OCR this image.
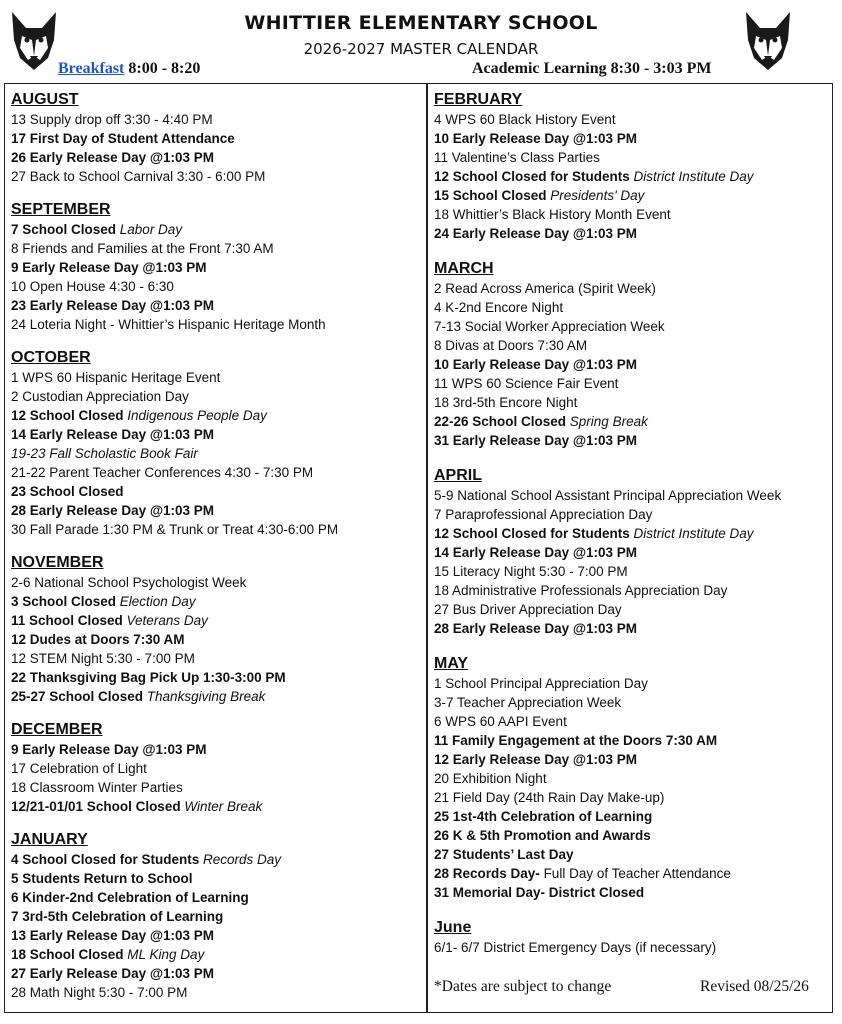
WHITTIER ELEMENTARY SCHOOL
2026-2027 MASTER CALENDAR
Breakfast 8:00 - 8:20	Academic Learning 8:30 - 3:03 PM
AUGUST
13 Supply drop off 3:30 - 4:40 PM
17 First Day of Student Attendance
26 Early Release Day @1:03 PM
27 Back to School Carnival 3:30 - 6:00 PM
SEPTEMBER
7 School Closed Labor Day
8 Friends and Families at the Front 7:30 AM
9 Early Release Day @1:03 PM
10 Open House 4:30 - 6:30
23 Early Release Day @1:03 PM
24 Loteria Night - Whittier’s Hispanic Heritage Month
OCTOBER
1 WPS 60 Hispanic Heritage Event
2 Custodian Appreciation Day
12 School Closed Indigenous People Day
14 Early Release Day @1:03 PM
19-23 Fall Scholastic Book Fair
21-22 Parent Teacher Conferences 4:30 - 7:30 PM
23 School Closed
28 Early Release Day @1:03 PM
30 Fall Parade 1:30 PM & Trunk or Treat 4:30-6:00 PM
NOVEMBER
2-6 National School Psychologist Week
3 School Closed Election Day
11 School Closed Veterans Day
12 Dudes at Doors 7:30 AM
12 STEM Night 5:30 - 7:00 PM
22 Thanksgiving Bag Pick Up 1:30-3:00 PM
25-27 School Closed Thanksgiving Break
DECEMBER
9 Early Release Day @1:03 PM
17 Celebration of Light
18 Classroom Winter Parties
12/21-01/01 School Closed Winter Break
JANUARY
4 School Closed for Students Records Day
5 Students Return to School
6 Kinder-2nd Celebration of Learning
7 3rd-5th Celebration of Learning
13 Early Release Day @1:03 PM
18 School Closed ML King Day
27 Early Release Day @1:03 PM
28 Math Night 5:30 - 7:00 PM
FEBRUARY
4 WPS 60 Black History Event
10 Early Release Day @1:03 PM
11 Valentine’s Class Parties
12 School Closed for Students District Institute Day
15 School Closed Presidents' Day
18 Whittier’s Black History Month Event
24 Early Release Day @1:03 PM
MARCH
2 Read Across America (Spirit Week)
4 K-2nd Encore Night
7-13 Social Worker Appreciation Week
8 Divas at Doors 7:30 AM
10 Early Release Day @1:03 PM
11 WPS 60 Science Fair Event
18 3rd-5th Encore Night
22-26 School Closed Spring Break
31 Early Release Day @1:03 PM
APRIL
5-9 National School Assistant Principal Appreciation Week
7 Paraprofessional Appreciation Day
12 School Closed for Students District Institute Day
14 Early Release Day @1:03 PM
15 Literacy Night 5:30 - 7:00 PM
18 Administrative Professionals Appreciation Day
27 Bus Driver Appreciation Day
28 Early Release Day @1:03 PM
MAY
1 School Principal Appreciation Day
3-7 Teacher Appreciation Week
6 WPS 60 AAPI Event
11 Family Engagement at the Doors 7:30 AM
12 Early Release Day @1:03 PM
20 Exhibition Night
21 Field Day (24th Rain Day Make-up)
25 1st-4th Celebration of Learning
26 K & 5th Promotion and Awards
27 Students’ Last Day
28 Records Day- Full Day of Teacher Attendance
31 Memorial Day- District Closed
June
6/1- 6/7 District Emergency Days (if necessary)
*Dates are subject to change	Revised 08/25/26
